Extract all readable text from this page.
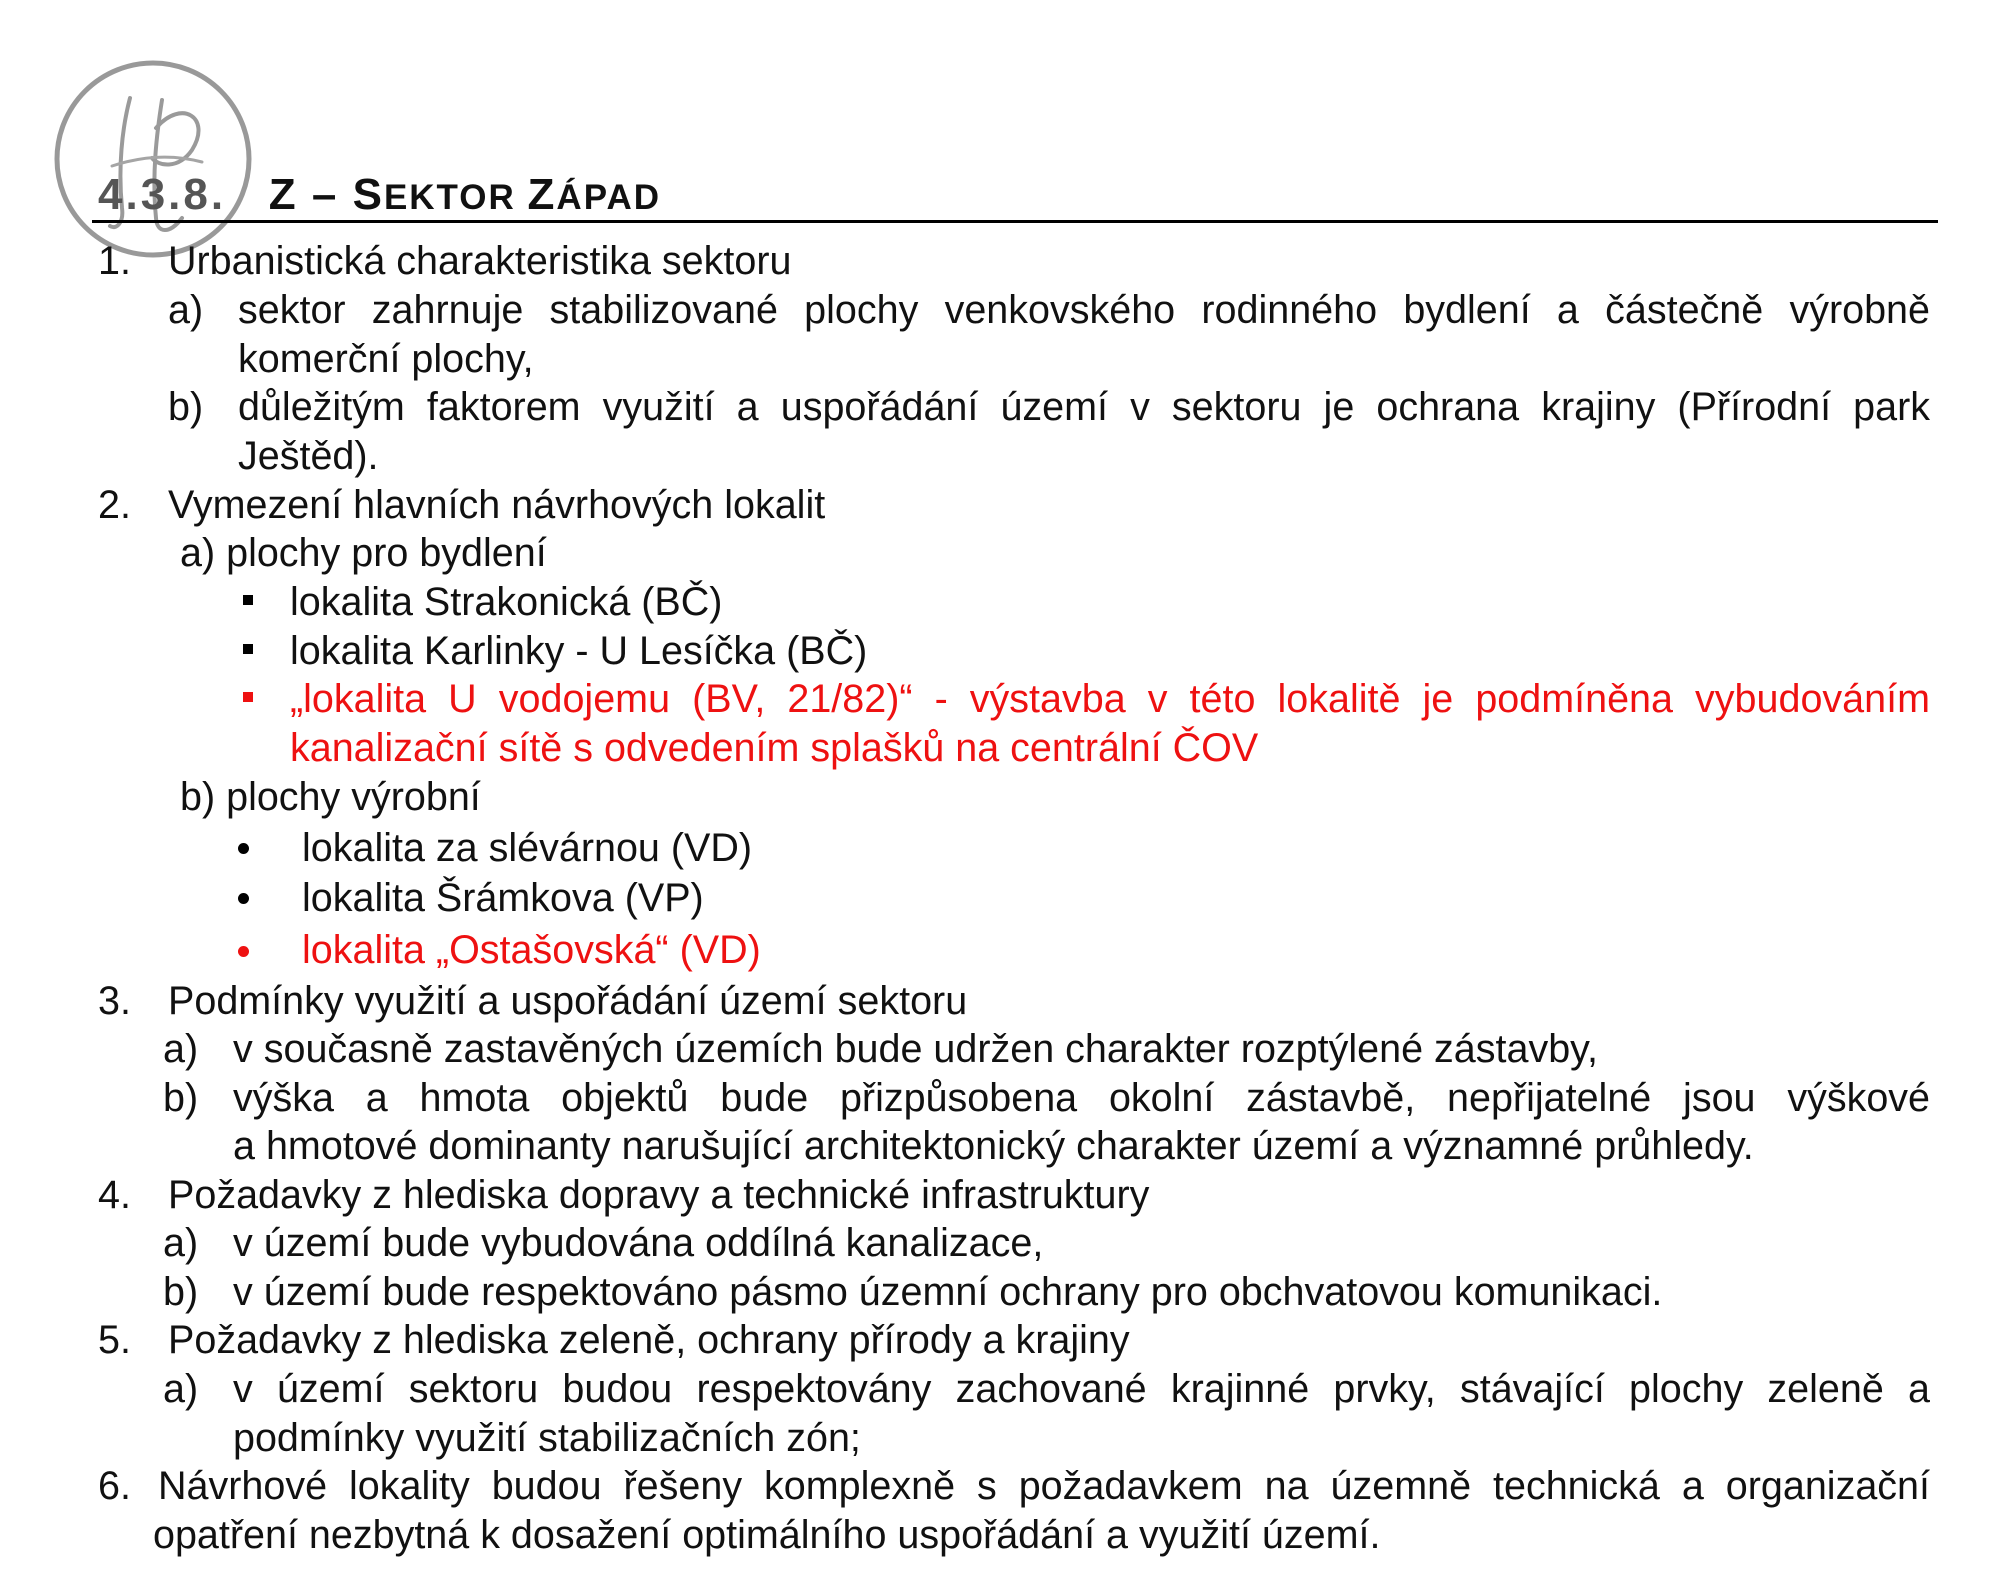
4.3.8. Z – SEKTOR ZÁPAD
1. Urbanistická charakteristika sektoru
a) sektor zahrnuje stabilizované plochy venkovského rodinného bydlení a částečně výrobně
komerční plochy,
b) důležitým faktorem využití a uspořádání území v sektoru je ochrana krajiny (Přírodní park
Ještěd).
2. Vymezení hlavních návrhových lokalit
a) plochy pro bydlení
lokalita Strakonická (BČ)
lokalita Karlinky - U Lesíčka (BČ)
„lokalita U vodojemu (BV, 21/82)“ - výstavba v této lokalitě je podmíněna vybudováním
kanalizační sítě s odvedením splašků na centrální ČOV
b) plochy výrobní
lokalita za slévárnou (VD)
lokalita Šrámkova (VP)
lokalita „Ostašovská“ (VD)
3. Podmínky využití a uspořádání území sektoru
a) v současně zastavěných územích bude udržen charakter rozptýlené zástavby,
b) výška a hmota objektů bude přizpůsobena okolní zástavbě, nepřijatelné jsou výškové
a hmotové dominanty narušující architektonický charakter území a významné průhledy.
4. Požadavky z hlediska dopravy a technické infrastruktury
a) v území bude vybudována oddílná kanalizace,
b) v území bude respektováno pásmo územní ochrany pro obchvatovou komunikaci.
5. Požadavky z hlediska zeleně, ochrany přírody a krajiny
a) v území sektoru budou respektovány zachované krajinné prvky, stávající plochy zeleně a
podmínky využití stabilizačních zón;
6. Návrhové lokality budou řešeny komplexně s požadavkem na územně technická a organizační
opatření nezbytná k dosažení optimálního uspořádání a využití území.
